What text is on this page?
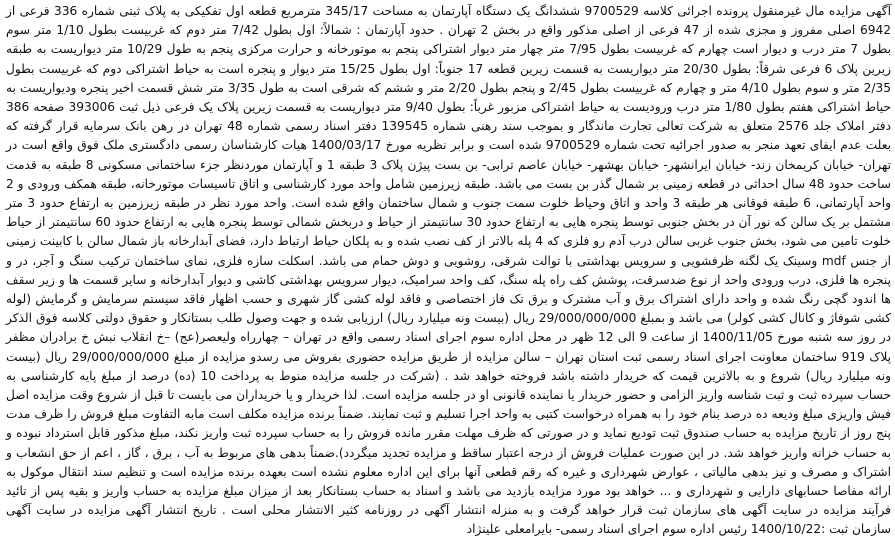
آگهی مزایده مال غیرمنقول پرونده اجرائی کلاسه 9700529 ششدانگ یک دستگاه آپارتمان به مساحت 345/17 مترمربع قطعه اول تفکیکی به پلاک ثبتی شماره 336 فرعی از 6942 اصلی مفروز و مجزی شده از 47 فرعی از اصلی مذکور واقع در بخش 2 تهران . حدود آپارتمان : شمالاً: اول بطول 7/42 متر دوم که غربیست بطول 1/10 متر سوم بطول 7 متر درب و دیوار است چهارم که غربیست بطول 7/95 متر چهار متر دیوار اشتراکی پنجم به موتورخانه و حرارت مرکزی پنجم به طول 10/29 متر دیواریست به طبقه زیرین پلاک 6 فرعی شرقاً: بطول 20/30 متر دیواریست به قسمت زیرین قطعه 17 جنوباً: اول بطول 15/25 متر دیوار و پنجره است به حیاط اشتراکی دوم که غربیست بطول 2/35 متر و سوم بطول 4/10 متر و چهارم که غربیست بطول 2/45 و پنجم بطول 2/20 متر و ششم که شرقی است به طول 3/35 متر شش قسمت اخیر پنجره ودیواریست به حیاط اشتراکی هفتم بطول 1/80 متر درب ورودیست به حیاط اشتراکی مزبور غرباً: بطول 9/40 متر دیواریست به قسمت زیرین پلاک یک فرعی ذیل ثبت 393006 صفحه 386 دفتر املاک جلد 2576 متعلق به شرکت تعالی تجارت ماندگار و بموجب سند رهنی شماره 139545 دفتر اسناد رسمی شماره 48 تهران در رهن بانک سرمایه قرار گرفته که بعلت عدم ایفای تعهد منجر به صدور اجرائیه تحت شماره 9700529 شده است و برابر نظریه مورخ 1400/03/17 هیات کارشناسان رسمی دادگستری ملک فوق واقع است در تهران- خیابان کریمخان زند- خیابان ایرانشهر- خیابان بهشهر- خیابان عاصم ترابی- بن بست پیژن پلاک 3 طبقه 1 و آپارتمان موردنظر جزء ساختمانی مسکونی 8 طبقه به قدمت ساخت حدود 48 سال احداثی در قطعه زمینی بر شمال گذر بن بست می باشد. طبقه زیرزمین شامل واحد مورد کارشناسی و اتاق تاسیسات موتورخانه، طبقه همکف ورودی و 2 واحد آپارتمانی، 6 طبقه فوقانی هر طبقه 3 واحد و اتاق وحیاط خلوت سمت جنوب و شمال ساختمان واقع شده است. واحد مورد نظر در طبقه زیرزمین به ارتفاع حدود 3 متر مشتمل بر یک سالن که نور آن در بخش جنوبی توسط پنجره هایی به ارتفاع حدود 30 سانتیمتر از حیاط و دربخش شمالی توسط پنجره هایی به ارتفاع حدود 60 سانتیمتر از حیاط خلوت تامین می شود، بخش جنوب غربی سالن درب آدم رو فلزی که 4 پله بالاتر از کف نصب شده و به پلکان حیاط ارتباط دارد، فضای آبدارخانه باز شمال سالن با کابینت زمینی از جنس mdf وسینک یک لگنه ظرفشویی و سرویس بهداشتی با توالت شرقی، روشویی و دوش حمام می باشد. اسکلت سازه فلزی، نمای ساختمان ترکیب سنگ و آجر، در و پنجره ها فلزی، درب ورودی واحد از نوع ضدسرقت، پوشش کف راه پله سنگ، کف واحد سرامیک، دیوار سرویس بهداشتی کاشی و دیوار آبدارخانه و سایر قسمت ها و زیر سقف ها اندود گچی رنگ شده و واحد دارای اشتراک برق و آب مشترک و برق تک فاز اختصاصی و فاقد لوله کشی گاز شهری و حسب اظهار فاقد سیستم سرمایش و گرمایش (لوله کشی شوفاژ و کانال کشی کولر) می باشد و بمبلغ 29/000/000/000 ریال (بیست ونه میلیارد ریال) ارزیابی شده و جهت وصول طلب بستانکار و حقوق دولتی کلاسه فوق الذکر در روز سه شنبه مورخ 1400/11/05 از ساعت 9 الی 12 ظهر در محل اداره سوم اجرای اسناد رسمی واقع در تهران – چهارراه ولیعصر(عج) –خ انقلاب نبش خ برادران مظفر پلاک 919 ساختمان معاونت اجرای اسناد رسمی ثبت استان تهران – سالن مزایده از طریق مزایده حضوری بفروش می رسدو مزایده از مبلغ 29/000/000/000 ریال (بیست ونه میلیارد ریال) شروع و به بالاترین قیمت که خریدار داشته باشد فروخته خواهد شد . (شرکت در جلسه مزایده منوط به پرداخت 10 (ده) درصد از مبلغ پایه کارشناسی به حساب سپرده ثبت و ثبت شناسه واریز الزامی و حضور خریدار یا نماینده قانونی او در جلسه مزایده است. لذا خریدار و یا خریداران می بایست تا قبل از شروع وقت مزایده اصل فیش واریزی مبلغ ودیعه ده درصد بنام خود را به همراه درخواست کتبی به واحد اجرا تسلیم و ثبت نمایند. ضمناً برنده مزایده مکلف است مابه التفاوت مبلغ فروش را ظرف مدت پنج روز از تاریخ مزایده به حساب صندوق ثبت تودیع نماید و در صورتی که ظرف مهلت مقرر مانده فروش را به حساب سپرده ثبت واریز نکند، مبلغ مذکور قابل استرداد نبوده و به حساب خزانه واریز خواهد شد. در این صورت عملیات فروش از درجه اعتبار ساقط و مزایده تجدید میگردد).ضمناً بدهی های مربوط به آب ، برق ، گاز ، اعم از حق انشعاب و اشتراک و مصرف و نیز بدهی مالیاتی ، عوارض شهرداری و غیره که رقم قطعی آنها برای این اداره معلوم نشده است بعهده برنده مزایده است و تنظیم سند انتقال موکول به ارائه مفاصا حسابهای دارایی و شهرداری و ... خواهد بود مورد مزایده بازدید می باشد و اسناد به حساب بستانکار بعد از میزان مبلغ مزایده به حساب واریز و بقیه پس از تائید فرآیند مزایده در سایت آگهی های سازمان ثبت قرار خواهد گرفت و به منزله انتشار آگهی در روزنامه کثیر الانتشار محلی است . تاریخ انتشار آگهی مزایده در سایت آگهی سازمان ثبت :1400/10/22 رئیس اداره سوم اجرای اسناد رسمی- بایرامعلی علینژاد
